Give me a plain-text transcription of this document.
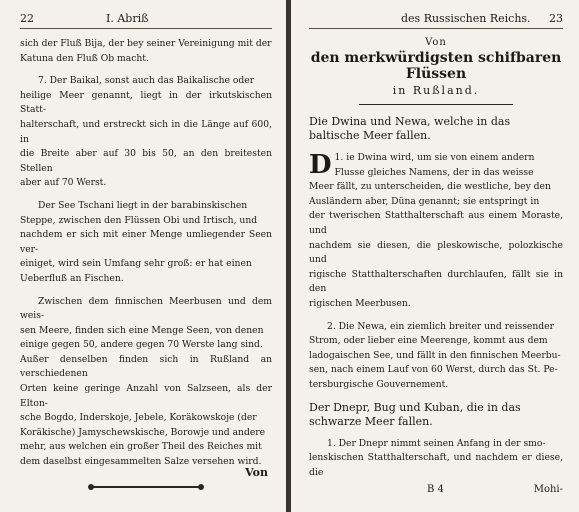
22	I. Abriß

sich der Fluß Bija, der bey seiner Vereinigung mit der

Katuna den Fluß Ob macht.

7. Der Baikal, sonst auch das Baikalische oder

heilige Meer genannt, liegt in der irkutskischen Statt-

halterschaft, und erstreckt sich in die Länge auf 600, in

die Breite aber auf 30 bis 50, an den breitesten Stellen

aber auf 70 Werst.

Der See Tschani liegt in der barabinskischen

Steppe, zwischen den Flüssen Obi und Irtisch, und

nachdem er sich mit einer Menge umliegender Seen ver-

einiget, wird sein Umfang sehr groß: er hat einen

Ueberfluß an Fischen.

Zwischen dem finnischen Meerbusen und dem weis-

sen Meere, finden sich eine Menge Seen, von denen

einige gegen 50, andere gegen 70 Werste lang sind.

Außer denselben finden sich in Rußland an verschiedenen

Orten keine geringe Anzahl von Salzseen, als der Elton-

sche Bogdo, Inderskoje, Jebele, Koräkowskoje (der

Koräkische) Jamyschewskische, Borowje und andere

mehr, aus welchen ein großer Theil des Reiches mit

dem daselbst eingesammelten Salze versehen wird.

Von
des Russischen Reichs. 23
Von
den merkwürdigsten schifbaren Flüssen
in Rußland.
Die Dwina und Newa, welche in das baltische Meer fallen.

1.
D ie Dwina wird, um sie von einem andern

Flusse gleiches Namens, der in das weisse

Meer fällt, zu unterscheiden, die westliche, bey den

Ausländern aber, Düna genannt; sie entspringt in

der twerischen Statthalterschaft aus einem Moraste, und

nachdem sie diesen, die pleskowische, polozkische und

rigische Statthalterschaften durchlaufen, fällt sie in den

rigischen Meerbusen.

2. Die Newa, ein ziemlich breiter und reissender

Strom, oder lieber eine Meerenge, kommt aus dem

ladogaischen See, und fällt in den finnischen Meerbu-

sen, nach einem Lauf von 60 Werst, durch das St. Pe-

tersburgische Gouvernement.

Der Dnepr, Bug und Kuban, die in das schwarze Meer fallen.

1. Der Dnepr nimmt seinen Anfang in der smo-

lenskischen Statthalterschaft, und nachdem er diese, die

B 4	Mohi-
